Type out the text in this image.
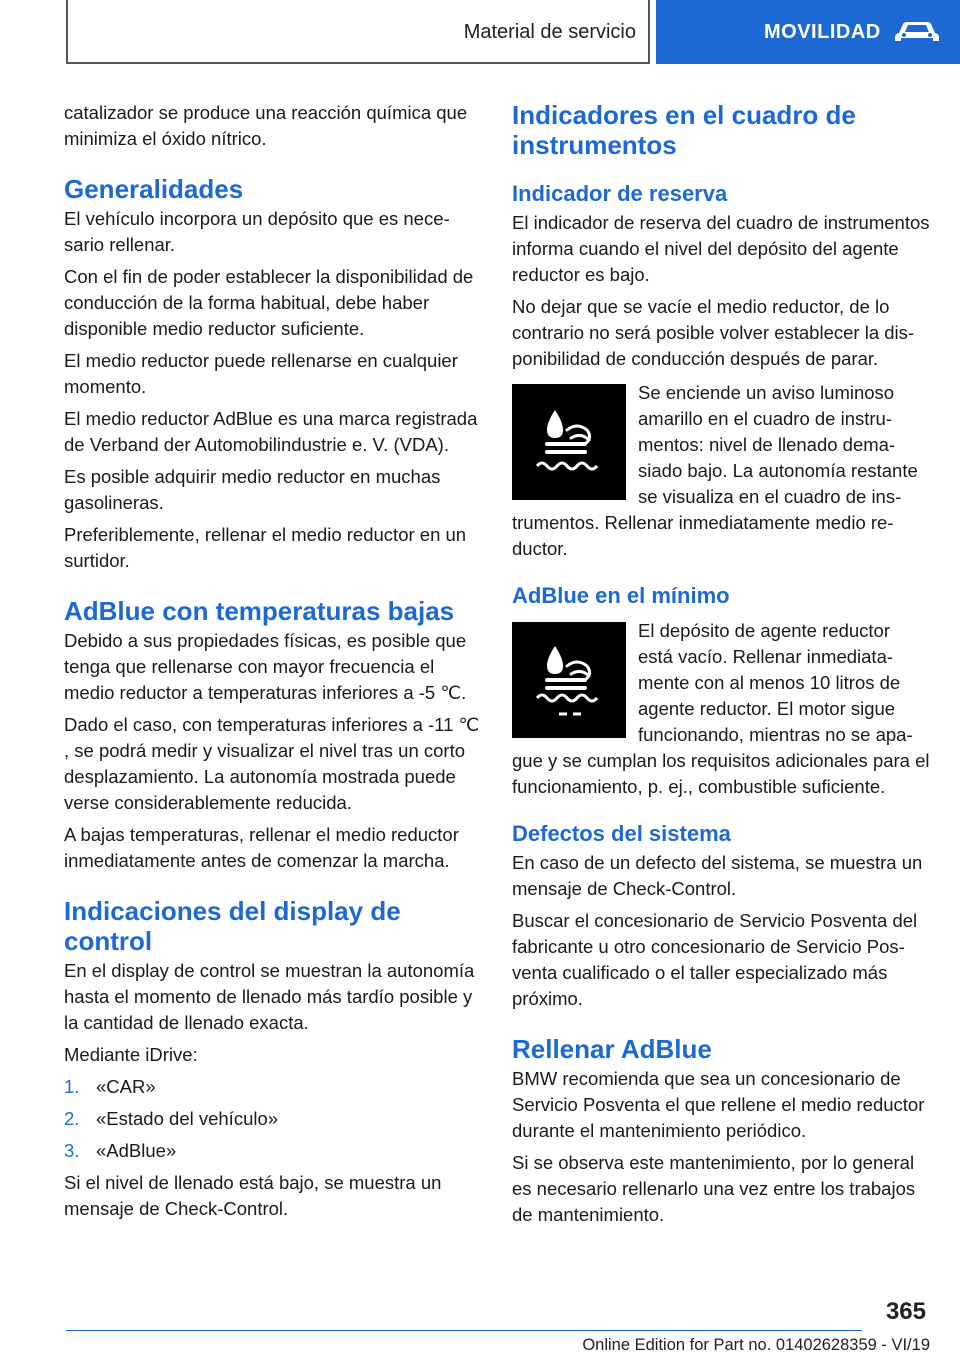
Material de servicio	MOVILIDAD

catalizador se produce una reacción química que minimiza el óxido nítrico.

Generalidades

El vehículo incorpora un depósito que es necesario rellenar.

Con el fin de poder establecer la disponibilidad de conducción de la forma habitual, debe haber disponible medio reductor suficiente.

El medio reductor puede rellenarse en cualquier momento.

El medio reductor AdBlue es una marca registrada de Verband der Automobilindustrie e. V. (VDA).

Es posible adquirir medio reductor en muchas gasolineras.

Preferiblemente, rellenar el medio reductor en un surtidor.

AdBlue con temperaturas bajas

Debido a sus propiedades físicas, es posible que tenga que rellenarse con mayor frecuencia el medio reductor a temperaturas inferiores a -5 ℃.

Dado el caso, con temperaturas inferiores a -11 ℃ , se podrá medir y visualizar el nivel tras un corto desplazamiento. La autonomía mostrada puede verse considerablemente reducida.

A bajas temperaturas, rellenar el medio reductor inmediatamente antes de comenzar la marcha.

Indicaciones del display de control

En el display de control se muestran la autonomía hasta el momento de llenado más tardío posible y la cantidad de llenado exacta.

Mediante iDrive:

1. «CAR»
2. «Estado del vehículo»
3. «AdBlue»

Si el nivel de llenado está bajo, se muestra un mensaje de Check-Control.

Indicadores en el cuadro de instrumentos
Indicador de reserva

El indicador de reserva del cuadro de instrumentos informa cuando el nivel del depósito del agente reductor es bajo.

No dejar que se vacíe el medio reductor, de lo contrario no será posible volver establecer la disponibilidad de conducción después de parar.

Se enciende un aviso luminoso amarillo en el cuadro de instrumentos: nivel de llenado demasiado bajo. La autonomía restante se visualiza en el cuadro de instrumentos. Rellenar inmediatamente medio reductor.

AdBlue en el mínimo

El depósito de agente reductor está vacío. Rellenar inmediatamente con al menos 10 litros de agente reductor. El motor sigue funcionando, mientras no se apague y se cumplan los requisitos adicionales para el funcionamiento, p. ej., combustible suficiente.

Defectos del sistema

En caso de un defecto del sistema, se muestra un mensaje de Check-Control.

Buscar el concesionario de Servicio Posventa del fabricante u otro concesionario de Servicio Posventa cualificado o el taller especializado más próximo.

Rellenar AdBlue

BMW recomienda que sea un concesionario de Servicio Posventa el que rellene el medio reductor durante el mantenimiento periódico.

Si se observa este mantenimiento, por lo general es necesario rellenarlo una vez entre los trabajos de mantenimiento.

365
Online Edition for Part no. 01402628359 - VI/19
